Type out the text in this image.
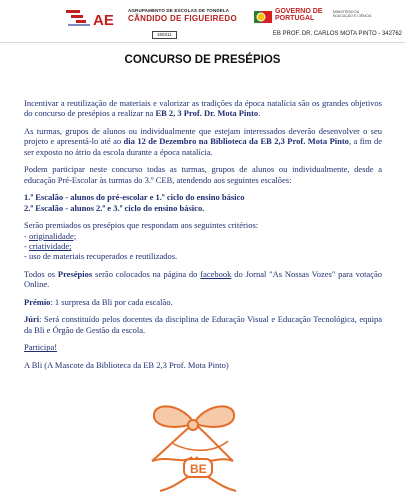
AE
AGRUPAMENTO DE ESCOLAS DE TONDELA
CÂNDIDO DE FIGUEIREDO
160311
GOVERNO DE
PORTUGAL
MINISTÉRIO DA EDUCAÇÃO E CIÊNCIA
EB PROF. DR. CARLOS MOTA PINTO - 342762
CONCURSO DE PRESÉPIOS

Incentivar a reutilização de materiais e valorizar as tradições da época natalícia são os grandes objetivos do concurso de presépios a realizar na EB 2, 3 Prof. Dr. Mota Pinto.

As turmas, grupos de alunos ou individualmente que estejam interessados deverão desenvolver o seu projeto e apresentá-lo até ao dia 12 de Dezembro na Biblioteca da EB 2,3 Prof. Mota Pinto, a fim de ser exposto no átrio da escola durante a época natalícia.

Podem participar neste concurso todas as turmas, grupos de alunos ou individualmente, desde a educação Pré-Escolar às turmas do 3.º CEB, atendendo aos seguintes escalões:

1.º Escalão - alunos do pré-escolar e 1.º ciclo do ensino básico
2.º Escalão - alunos 2.º e 3.º ciclo do ensino básico.
Serão premiados os presépios que respondam aos seguintes critérios:
- originalidade;
- criatividade;
- uso de materiais recuperados e reutilizados.

Todos os Presépios serão colocados na página do facebook do Jornal "As Nossas Vozes" para votação Online.

Prémio: 1 surpresa da Bli por cada escalão.

Júri: Será constituído pelos docentes da disciplina de Educação Visual e Educação Tecnológica, equipa da Bli e Órgão de Gestão da escola.

Participa!

A Bli (A Mascote da Biblioteca da EB 2,3 Prof. Mota Pinto)

BE
